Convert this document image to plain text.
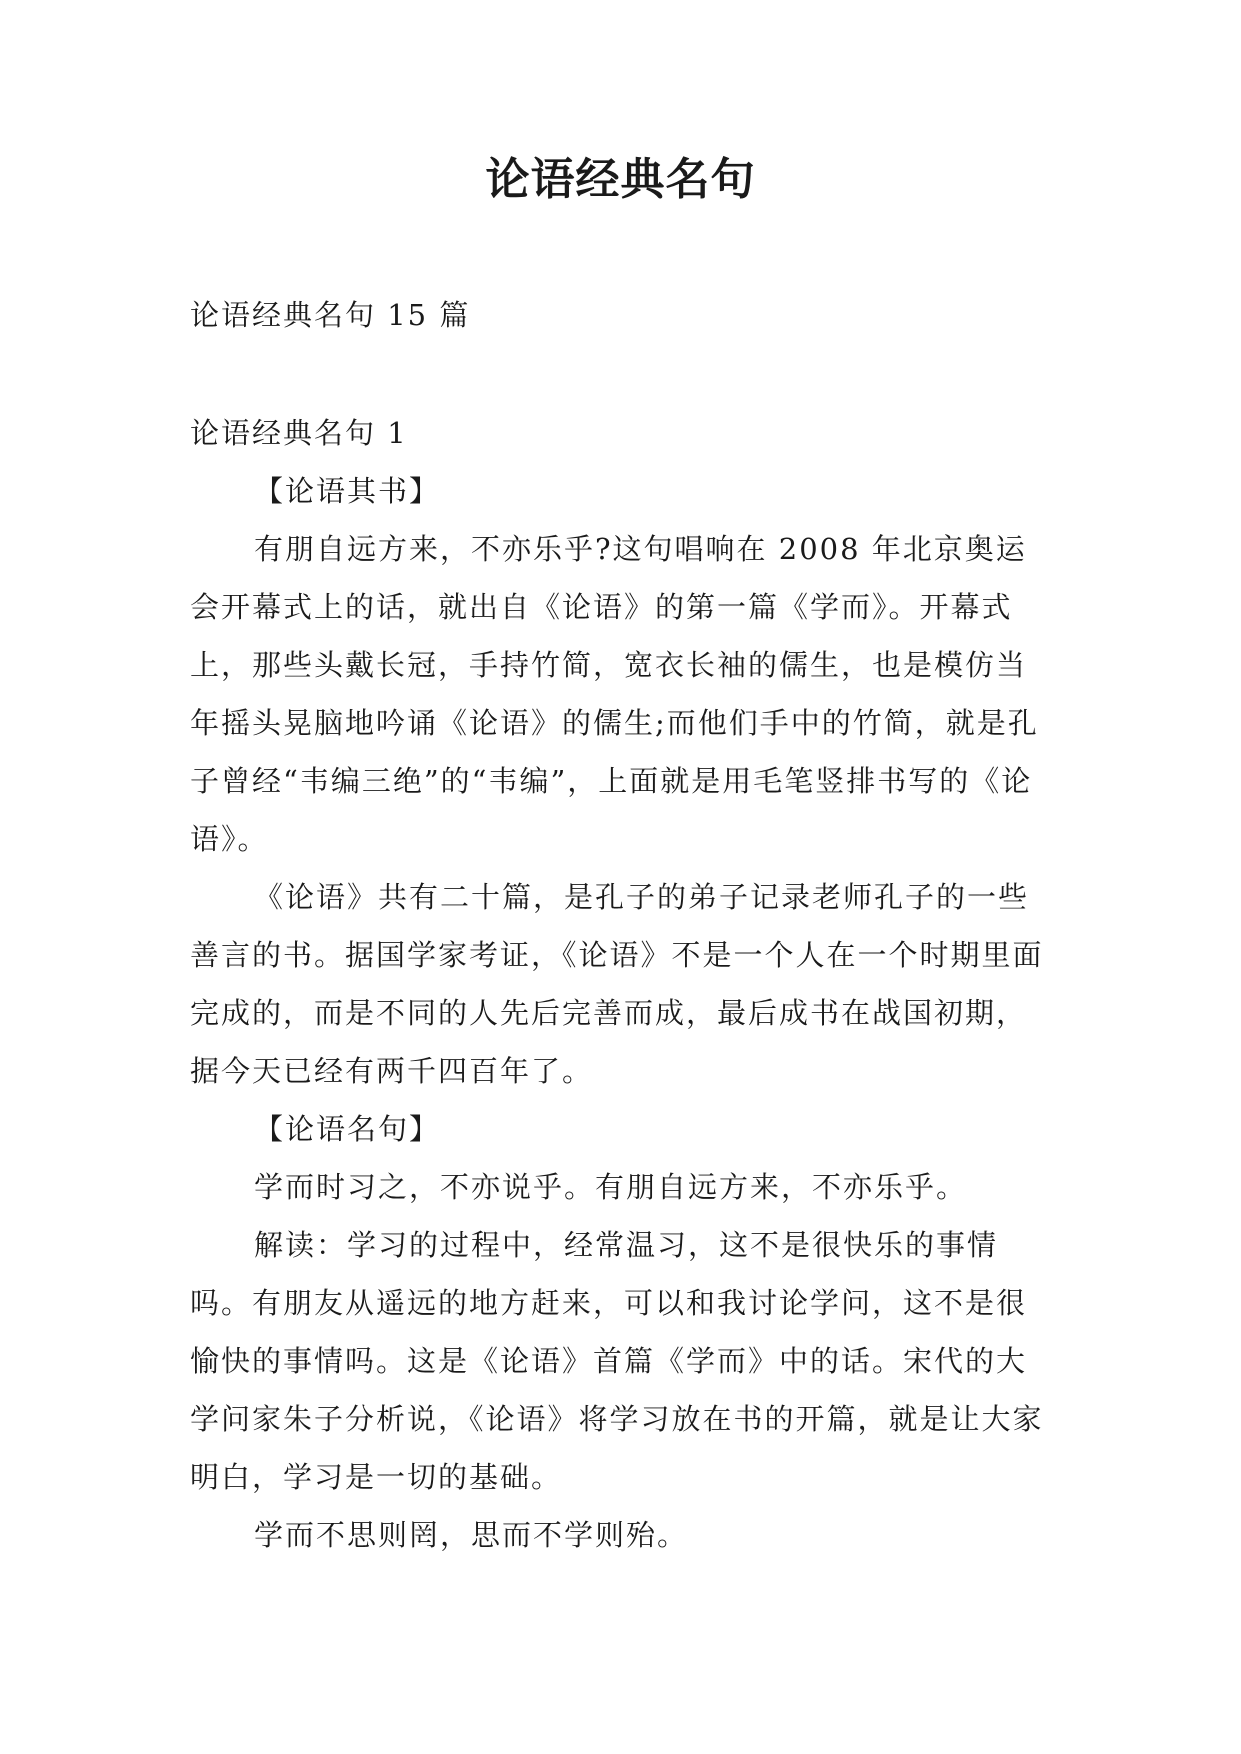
论语经典名句

论语经典名句 15 篇

论语经典名句 1

【论语其书】

有朋自远方来，不亦乐乎?这句唱响在 2008 年北京奥运会开幕式上的话，就出自《论语》的第一篇《学而》。开幕式上，那些头戴长冠，手持竹简，宽衣长袖的儒生，也是模仿当年摇头晃脑地吟诵《论语》的儒生;而他们手中的竹简，就是孔子曾经“韦编三绝”的“韦编”，上面就是用毛笔竖排书写的《论语》。

《论语》共有二十篇，是孔子的弟子记录老师孔子的一些善言的书。据国学家考证，《论语》不是一个人在一个时期里面完成的，而是不同的人先后完善而成，最后成书在战国初期，据今天已经有两千四百年了。

【论语名句】

学而时习之，不亦说乎。有朋自远方来，不亦乐乎。

解读：学习的过程中，经常温习，这不是很快乐的事情吗。有朋友从遥远的地方赶来，可以和我讨论学问，这不是很愉快的事情吗。这是《论语》首篇《学而》中的话。宋代的大学问家朱子分析说，《论语》将学习放在书的开篇，就是让大家明白，学习是一切的基础。

学而不思则罔，思而不学则殆。
